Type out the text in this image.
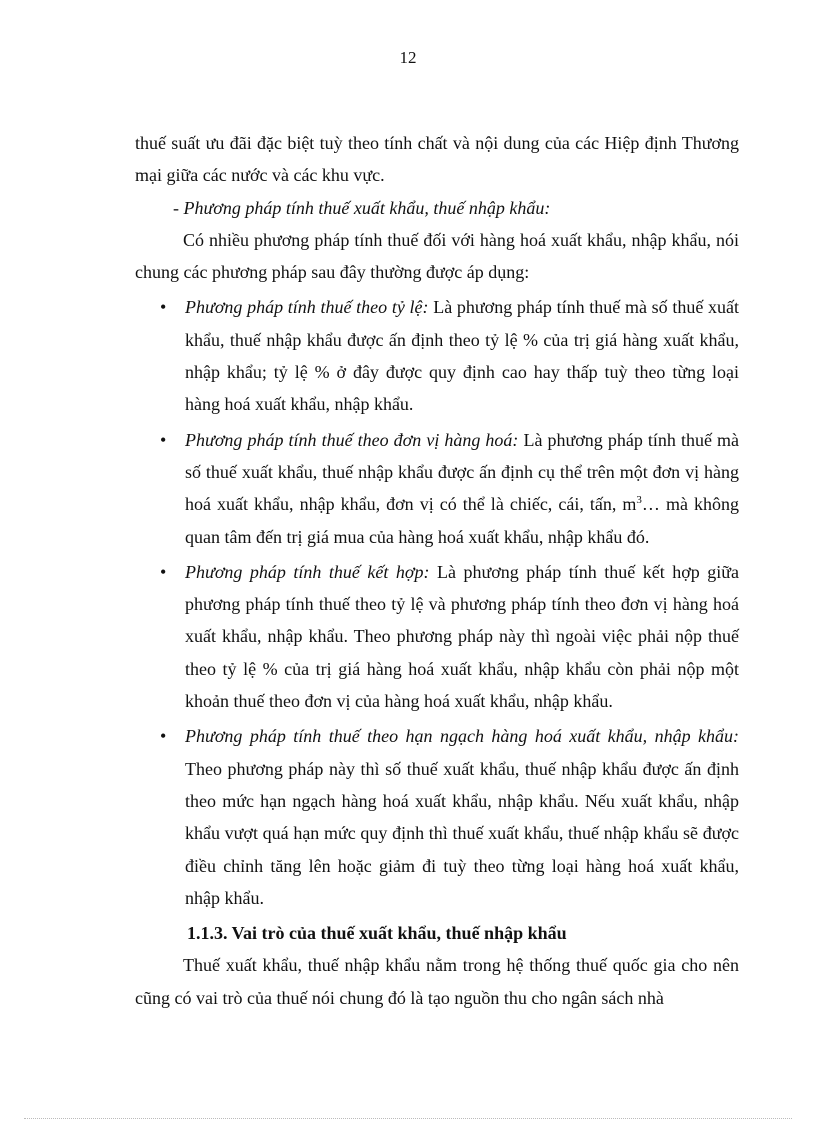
12

thuế suất ưu đãi đặc biệt tuỳ theo tính chất và nội dung của các Hiệp định Thương mại giữa các nước và các khu vực.

- Phương pháp tính thuế xuất khẩu, thuế nhập khẩu:

Có nhiều phương pháp tính thuế đối với hàng hoá xuất khẩu, nhập khẩu, nói chung các phương pháp sau đây thường được áp dụng:

• Phương pháp tính thuế theo tỷ lệ: Là phương pháp tính thuế mà số thuế xuất khẩu, thuế nhập khẩu được ấn định theo tỷ lệ % của trị giá hàng xuất khẩu, nhập khẩu; tỷ lệ % ở đây được quy định cao hay thấp tuỳ theo từng loại hàng hoá xuất khẩu, nhập khẩu.

• Phương pháp tính thuế theo đơn vị hàng hoá: Là phương pháp tính thuế mà số thuế xuất khẩu, thuế nhập khẩu được ấn định cụ thể trên một đơn vị hàng hoá xuất khẩu, nhập khẩu, đơn vị có thể là chiếc, cái, tấn, $m^3\dots$ mà không quan tâm đến trị giá mua của hàng hoá xuất khẩu, nhập khẩu đó.

• Phương pháp tính thuế kết hợp: Là phương pháp tính thuế kết hợp giữa phương pháp tính thuế theo tỷ lệ và phương pháp tính theo đơn vị hàng hoá xuất khẩu, nhập khẩu. Theo phương pháp này thì ngoài việc phải nộp thuế theo tỷ lệ % của trị giá hàng hoá xuất khẩu, nhập khẩu còn phải nộp một khoản thuế theo đơn vị của hàng hoá xuất khẩu, nhập khẩu.

• Phương pháp tính thuế theo hạn ngạch hàng hoá xuất khẩu, nhập khẩu: Theo phương pháp này thì số thuế xuất khẩu, thuế nhập khẩu được ấn định theo mức hạn ngạch hàng hoá xuất khẩu, nhập khẩu. Nếu xuất khẩu, nhập khẩu vượt quá hạn mức quy định thì thuế xuất khẩu, thuế nhập khẩu sẽ được điều chỉnh tăng lên hoặc giảm đi tuỳ theo từng loại hàng hoá xuất khẩu, nhập khẩu.

1.1.3. Vai trò của thuế xuất khẩu, thuế nhập khẩu

Thuế xuất khẩu, thuế nhập khẩu nằm trong hệ thống thuế quốc gia cho nên cũng có vai trò của thuế nói chung đó là tạo nguồn thu cho ngân sách nhà
